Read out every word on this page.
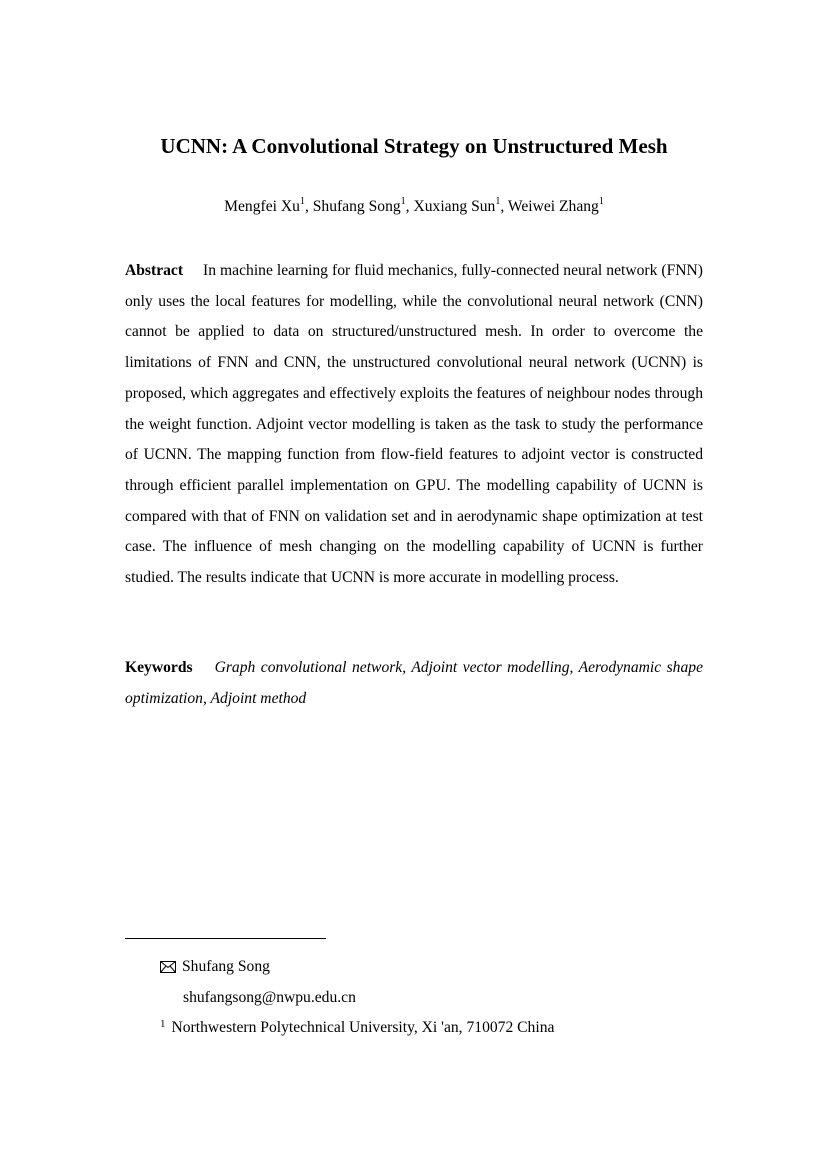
UCNN: A Convolutional Strategy on Unstructured Mesh
Mengfei Xu$^1$, Shufang Song$^1$, Xuxiang Sun$^1$, Weiwei Zhang$^1$

Abstract In machine learning for fluid mechanics, fully-connected neural network (FNN) only uses the local features for modelling, while the convolutional neural network (CNN) cannot be applied to data on structured/unstructured mesh. In order to overcome the limitations of FNN and CNN, the unstructured convolutional neural network (UCNN) is proposed, which aggregates and effectively exploits the features of neighbour nodes through the weight function. Adjoint vector modelling is taken as the task to study the performance of UCNN. The mapping function from flow-field features to adjoint vector is constructed through efficient parallel implementation on GPU. The modelling capability of UCNN is compared with that of FNN on validation set and in aerodynamic shape optimization at test case. The influence of mesh changing on the modelling capability of UCNN is further studied. The results indicate that UCNN is more accurate in modelling process.

Keywords Graph convolutional network, Adjoint vector modelling, Aerodynamic shape optimization, Adjoint method

Shufang Song
shufangsong@nwpu.edu.cn
$^1$ Northwestern Polytechnical University, Xi 'an, 710072 China
